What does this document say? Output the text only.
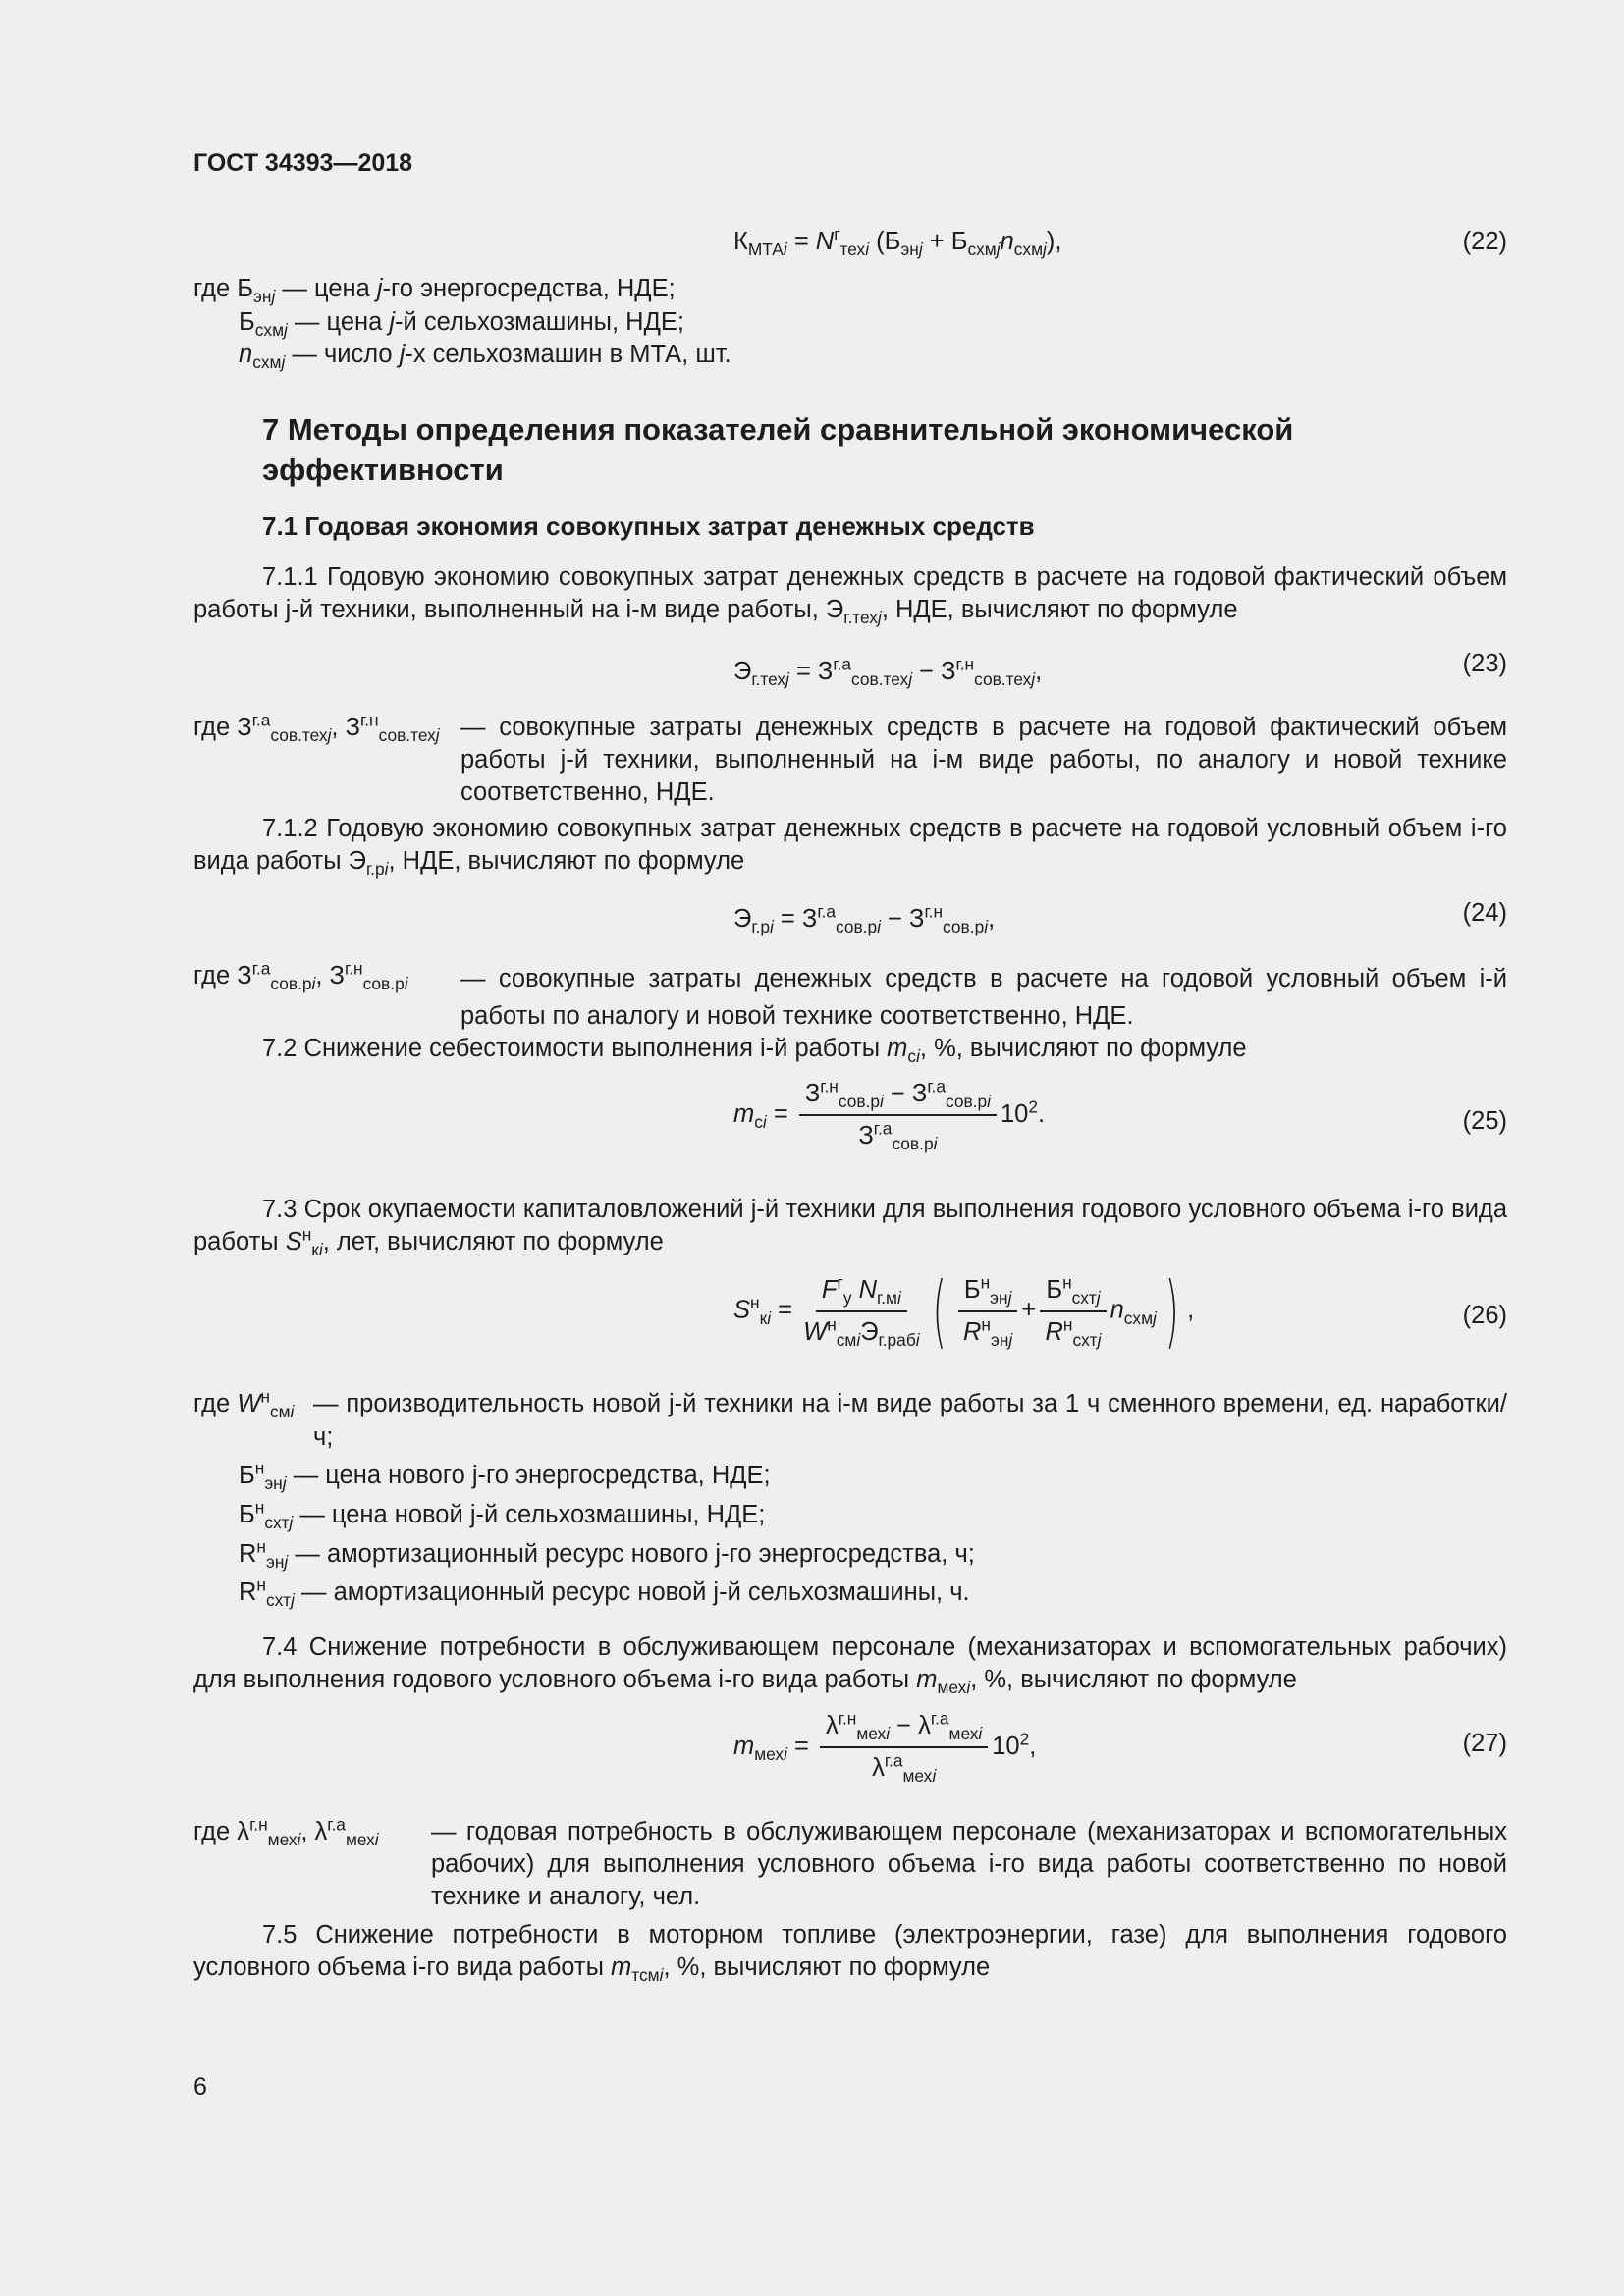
ГОСТ 34393—2018
$К_{МТАi} = N^г_{техi}$ $(Б_{энj} + Б_{схмj}n_{схмj})$,	(22)
где $Б_{энj}$ — цена j-го энергосредства, НДЕ;
$Б_{схмj}$ — цена j-й сельхозмашины, НДЕ;
$n_{схмj}$ — число j-х сельхозмашин в МТА, шт.
7 Методы определения показателей сравнительной экономической эффективности
7.1 Годовая экономия совокупных затрат денежных средств
7.1.1 Годовую экономию совокупных затрат денежных средств в расчете на годовой фактический объем работы j-й техники, выполненный на i-м виде работы, $Э_{г.техj}$, НДЕ, вычисляют по формуле
$Э_{г.техj} = З^{г.а}_{сов.техj} - З^{г.н}_{сов.техj}$,	(23)
где $З^{г.а}_{сов.техj}$, $З^{г.н}_{сов.техj}$ — совокупные затраты денежных средств в расчете на годовой фактический объем работы j-й техники, выполненный на i-м виде работы, по аналогу и новой технике соответственно, НДЕ.
7.1.2 Годовую экономию совокупных затрат денежных средств в расчете на годовой условный объем i-го вида работы $Э_{г.рi}$, НДЕ, вычисляют по формуле
$Э_{г.рi} = З^{г.а}_{сов.рi} - З^{г.н}_{сов.рi}$,	(24)
где $З^{г.а}_{сов.рi}$, $З^{г.н}_{сов.рi}$ — совокупные затраты денежных средств в расчете на годовой условный объем i-й работы по аналогу и новой технике соответственно, НДЕ.
7.2 Снижение себестоимости выполнения i-й работы $m_{сi}$, %, вычисляют по формуле
$m_{сi} = \frac{З^{г.н}_{сов.рi} - З^{г.а}_{сов.рi}}{З^{г.а}_{сов.рi}} 10^2$.	(25)
7.3 Срок окупаемости капиталовложений j-й техники для выполнения годового условного объема i-го вида работы $S^н_{кi}$, лет, вычисляют по формуле
$S^н_{кi} = \frac{F^г_у N_{г.мi}}{W^н_{смi}Э_{г.рабi}}$ ( $\frac{Б^н_{энj}}{R^н_{энj}} + \frac{Б^н_{схтj}}{R^н_{схтj}} n_{схмj}$ ) ,	(26)
где $W^н_{смi}$ — производительность новой j-й техники на i-м виде работы за 1 ч сменного времени, ед. наработки/ч;
$Б^н_{энj}$ — цена нового j-го энергосредства, НДЕ;
$Б^н_{схтj}$ — цена новой j-й сельхозмашины, НДЕ;
$R^н_{энj}$ — амортизационный ресурс нового j-го энергосредства, ч;
$R^н_{схтj}$ — амортизационный ресурс новой j-й сельхозмашины, ч.
7.4 Снижение потребности в обслуживающем персонале (механизаторах и вспомогательных рабочих) для выполнения годового условного объема i-го вида работы $m_{мехi}$, %, вычисляют по формуле
$m_{мехi} = \frac{\lambda^{г.н}_{мехi} - \lambda^{г.а}_{мехi}}{\lambda^{г.а}_{мехi}} 10^2$,	(27)
где $\lambda^{г.н}_{мехi}$, $\lambda^{г.а}_{мехi}$ — годовая потребность в обслуживающем персонале (механизаторах и вспомогательных рабочих) для выполнения условного объема i-го вида работы соответственно по новой технике и аналогу, чел.
7.5 Снижение потребности в моторном топливе (электроэнергии, газе) для выполнения годового условного объема i-го вида работы $m_{тсмi}$, %, вычисляют по формуле
6
